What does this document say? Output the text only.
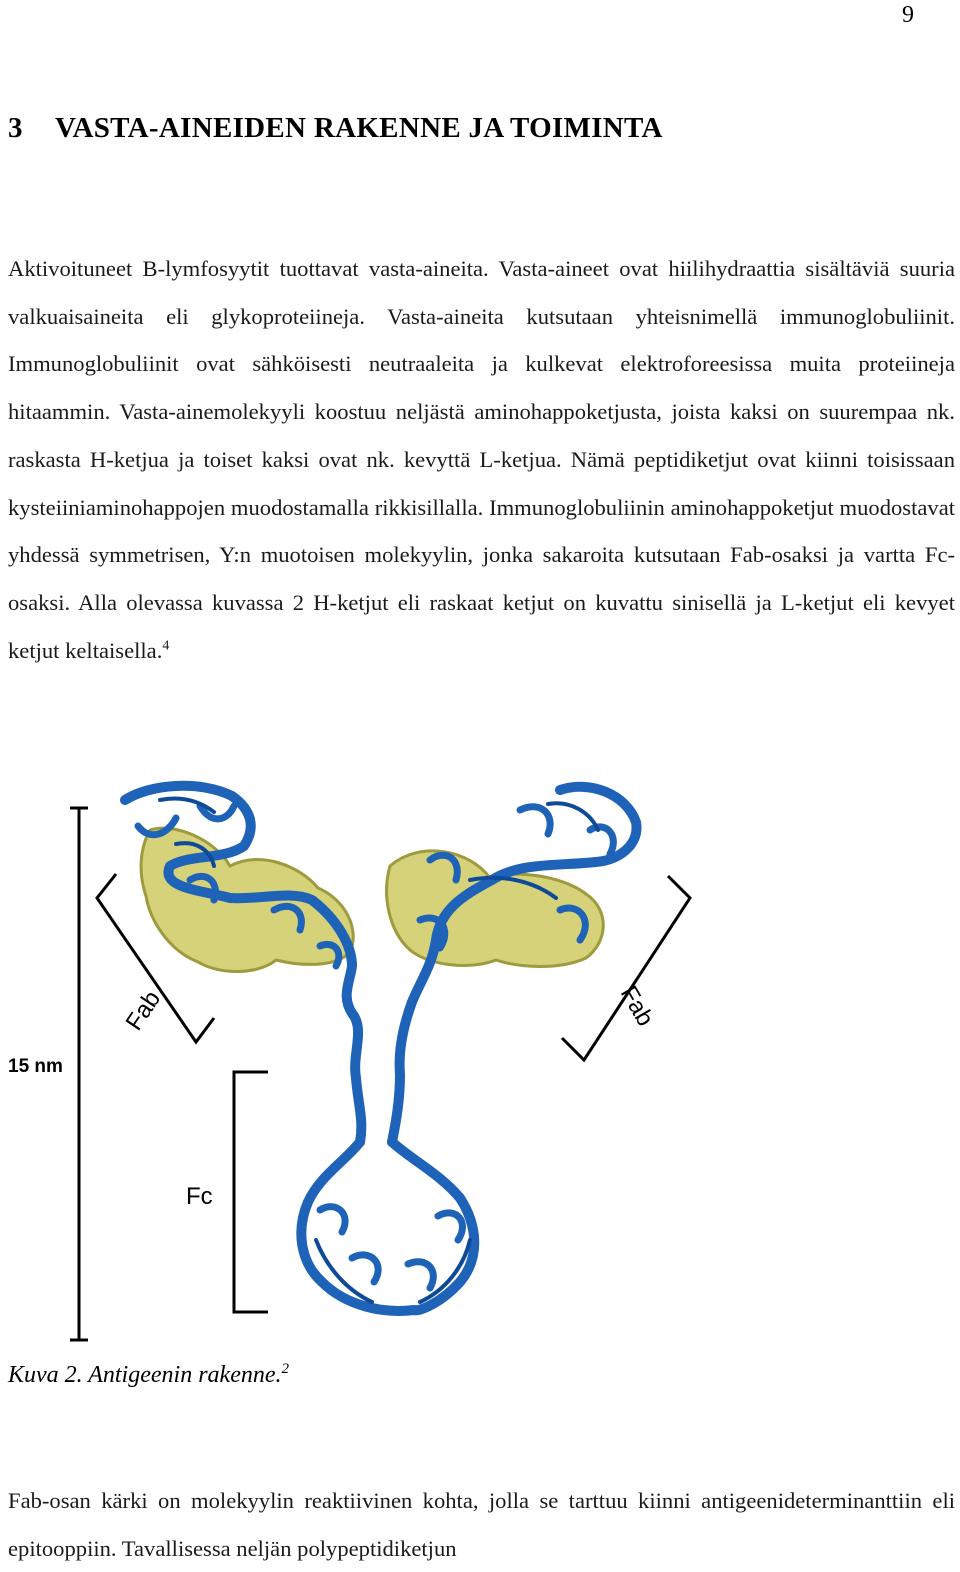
9
3 VASTA-AINEIDEN RAKENNE JA TOIMINTA

Aktivoituneet B-lymfosyytit tuottavat vasta-aineita. Vasta-aineet ovat hiilihydraattia sisältäviä suuria valkuaisaineita eli glykoproteiineja. Vasta-aineita kutsutaan yhteisnimellä immunoglobuliinit. Immunoglobuliinit ovat sähköisesti neutraaleita ja kulkevat elektroforeesissa muita proteiineja hitaammin. Vasta-ainemolekyyli koostuu neljästä aminohappoketjusta, joista kaksi on suurempaa nk. raskasta H-ketjua ja toiset kaksi ovat nk. kevyttä L-ketjua. Nämä peptidiketjut ovat kiinni toisissaan kysteiiniaminohappojen muodostamalla rikkisillalla. Immunoglobuliinin aminohappoketjut muodostavat yhdessä symmetrisen, Y:n muotoisen molekyylin, jonka sakaroita kutsutaan Fab-osaksi ja vartta Fc-osaksi. Alla olevassa kuvassa 2 H-ketjut eli raskaat ketjut on kuvattu sinisellä ja L-ketjut eli kevyet ketjut keltaisella.$^4$

15 nm
Fc
Fab	Fab

Kuva 2. Antigeenin rakenne.$^2$

Fab-osan kärki on molekyylin reaktiivinen kohta, jolla se tarttuu kiinni antigeenideterminanttiin eli epitooppiin. Tavallisessa neljän polypeptidiketjun
